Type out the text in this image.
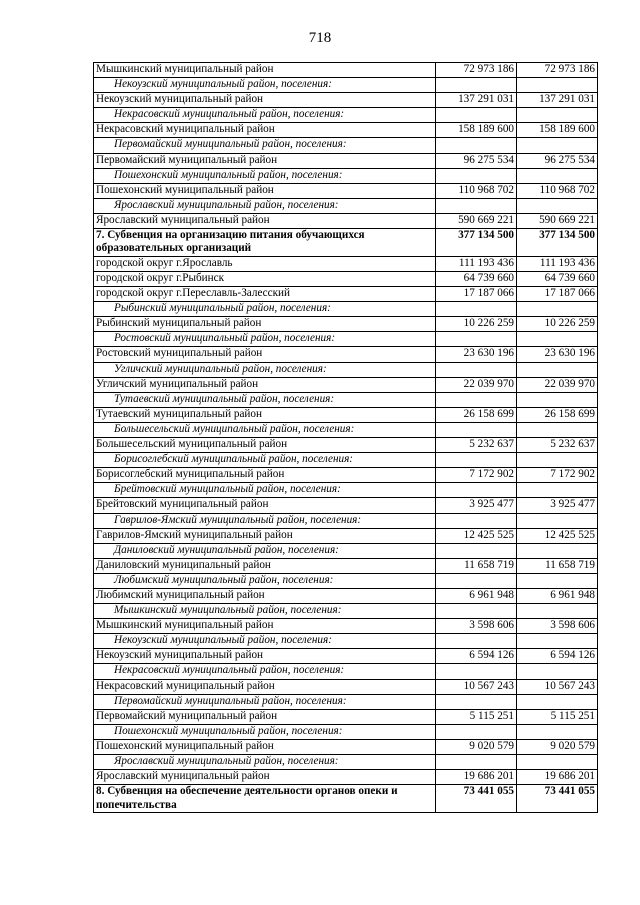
718
Мышкинский муниципальный район	72 973 186	72 973 186
Некоузский муниципальный район, поселения:		
Некоузский муниципальный район	137 291 031	137 291 031
Некрасовский муниципальный район, поселения:		
Некрасовский муниципальный район	158 189 600	158 189 600
Первомайский муниципальный район, поселения:		
Первомайский муниципальный район	96 275 534	96 275 534
Пошехонский муниципальный район, поселения:		
Пошехонский муниципальный район	110 968 702	110 968 702
Ярославский муниципальный район, поселения:		
Ярославский муниципальный район	590 669 221	590 669 221
7. Субвенция на организацию питания обучающихся образовательных организаций	377 134 500	377 134 500
городской округ г.Ярославль	111 193 436	111 193 436
городской округ г.Рыбинск	64 739 660	64 739 660
городской округ г.Переславль-Залесский	17 187 066	17 187 066
Рыбинский муниципальный район, поселения:		
Рыбинский муниципальный район	10 226 259	10 226 259
Ростовский муниципальный район, поселения:		
Ростовский муниципальный район	23 630 196	23 630 196
Угличский муниципальный район, поселения:		
Угличский муниципальный район	22 039 970	22 039 970
Тутаевский муниципальный район, поселения:		
Тутаевский муниципальный район	26 158 699	26 158 699
Большесельский муниципальный район, поселения:		
Большесельский муниципальный район	5 232 637	5 232 637
Борисоглебский муниципальный район, поселения:		
Борисоглебский муниципальный район	7 172 902	7 172 902
Брейтовский муниципальный район, поселения:		
Брейтовский муниципальный район	3 925 477	3 925 477
Гаврилов-Ямский муниципальный район, поселения:		
Гаврилов-Ямский муниципальный район	12 425 525	12 425 525
Даниловский муниципальный район, поселения:		
Даниловский муниципальный район	11 658 719	11 658 719
Любимский муниципальный район, поселения:		
Любимский муниципальный район	6 961 948	6 961 948
Мышкинский муниципальный район, поселения:		
Мышкинский муниципальный район	3 598 606	3 598 606
Некоузский муниципальный район, поселения:		
Некоузский муниципальный район	6 594 126	6 594 126
Некрасовский муниципальный район, поселения:		
Некрасовский муниципальный район	10 567 243	10 567 243
Первомайский муниципальный район, поселения:		
Первомайский муниципальный район	5 115 251	5 115 251
Пошехонский муниципальный район, поселения:		
Пошехонский муниципальный район	9 020 579	9 020 579
Ярославский муниципальный район, поселения:		
Ярославский муниципальный район	19 686 201	19 686 201
8. Субвенция на обеспечение деятельности органов опеки и попечительства	73 441 055	73 441 055
